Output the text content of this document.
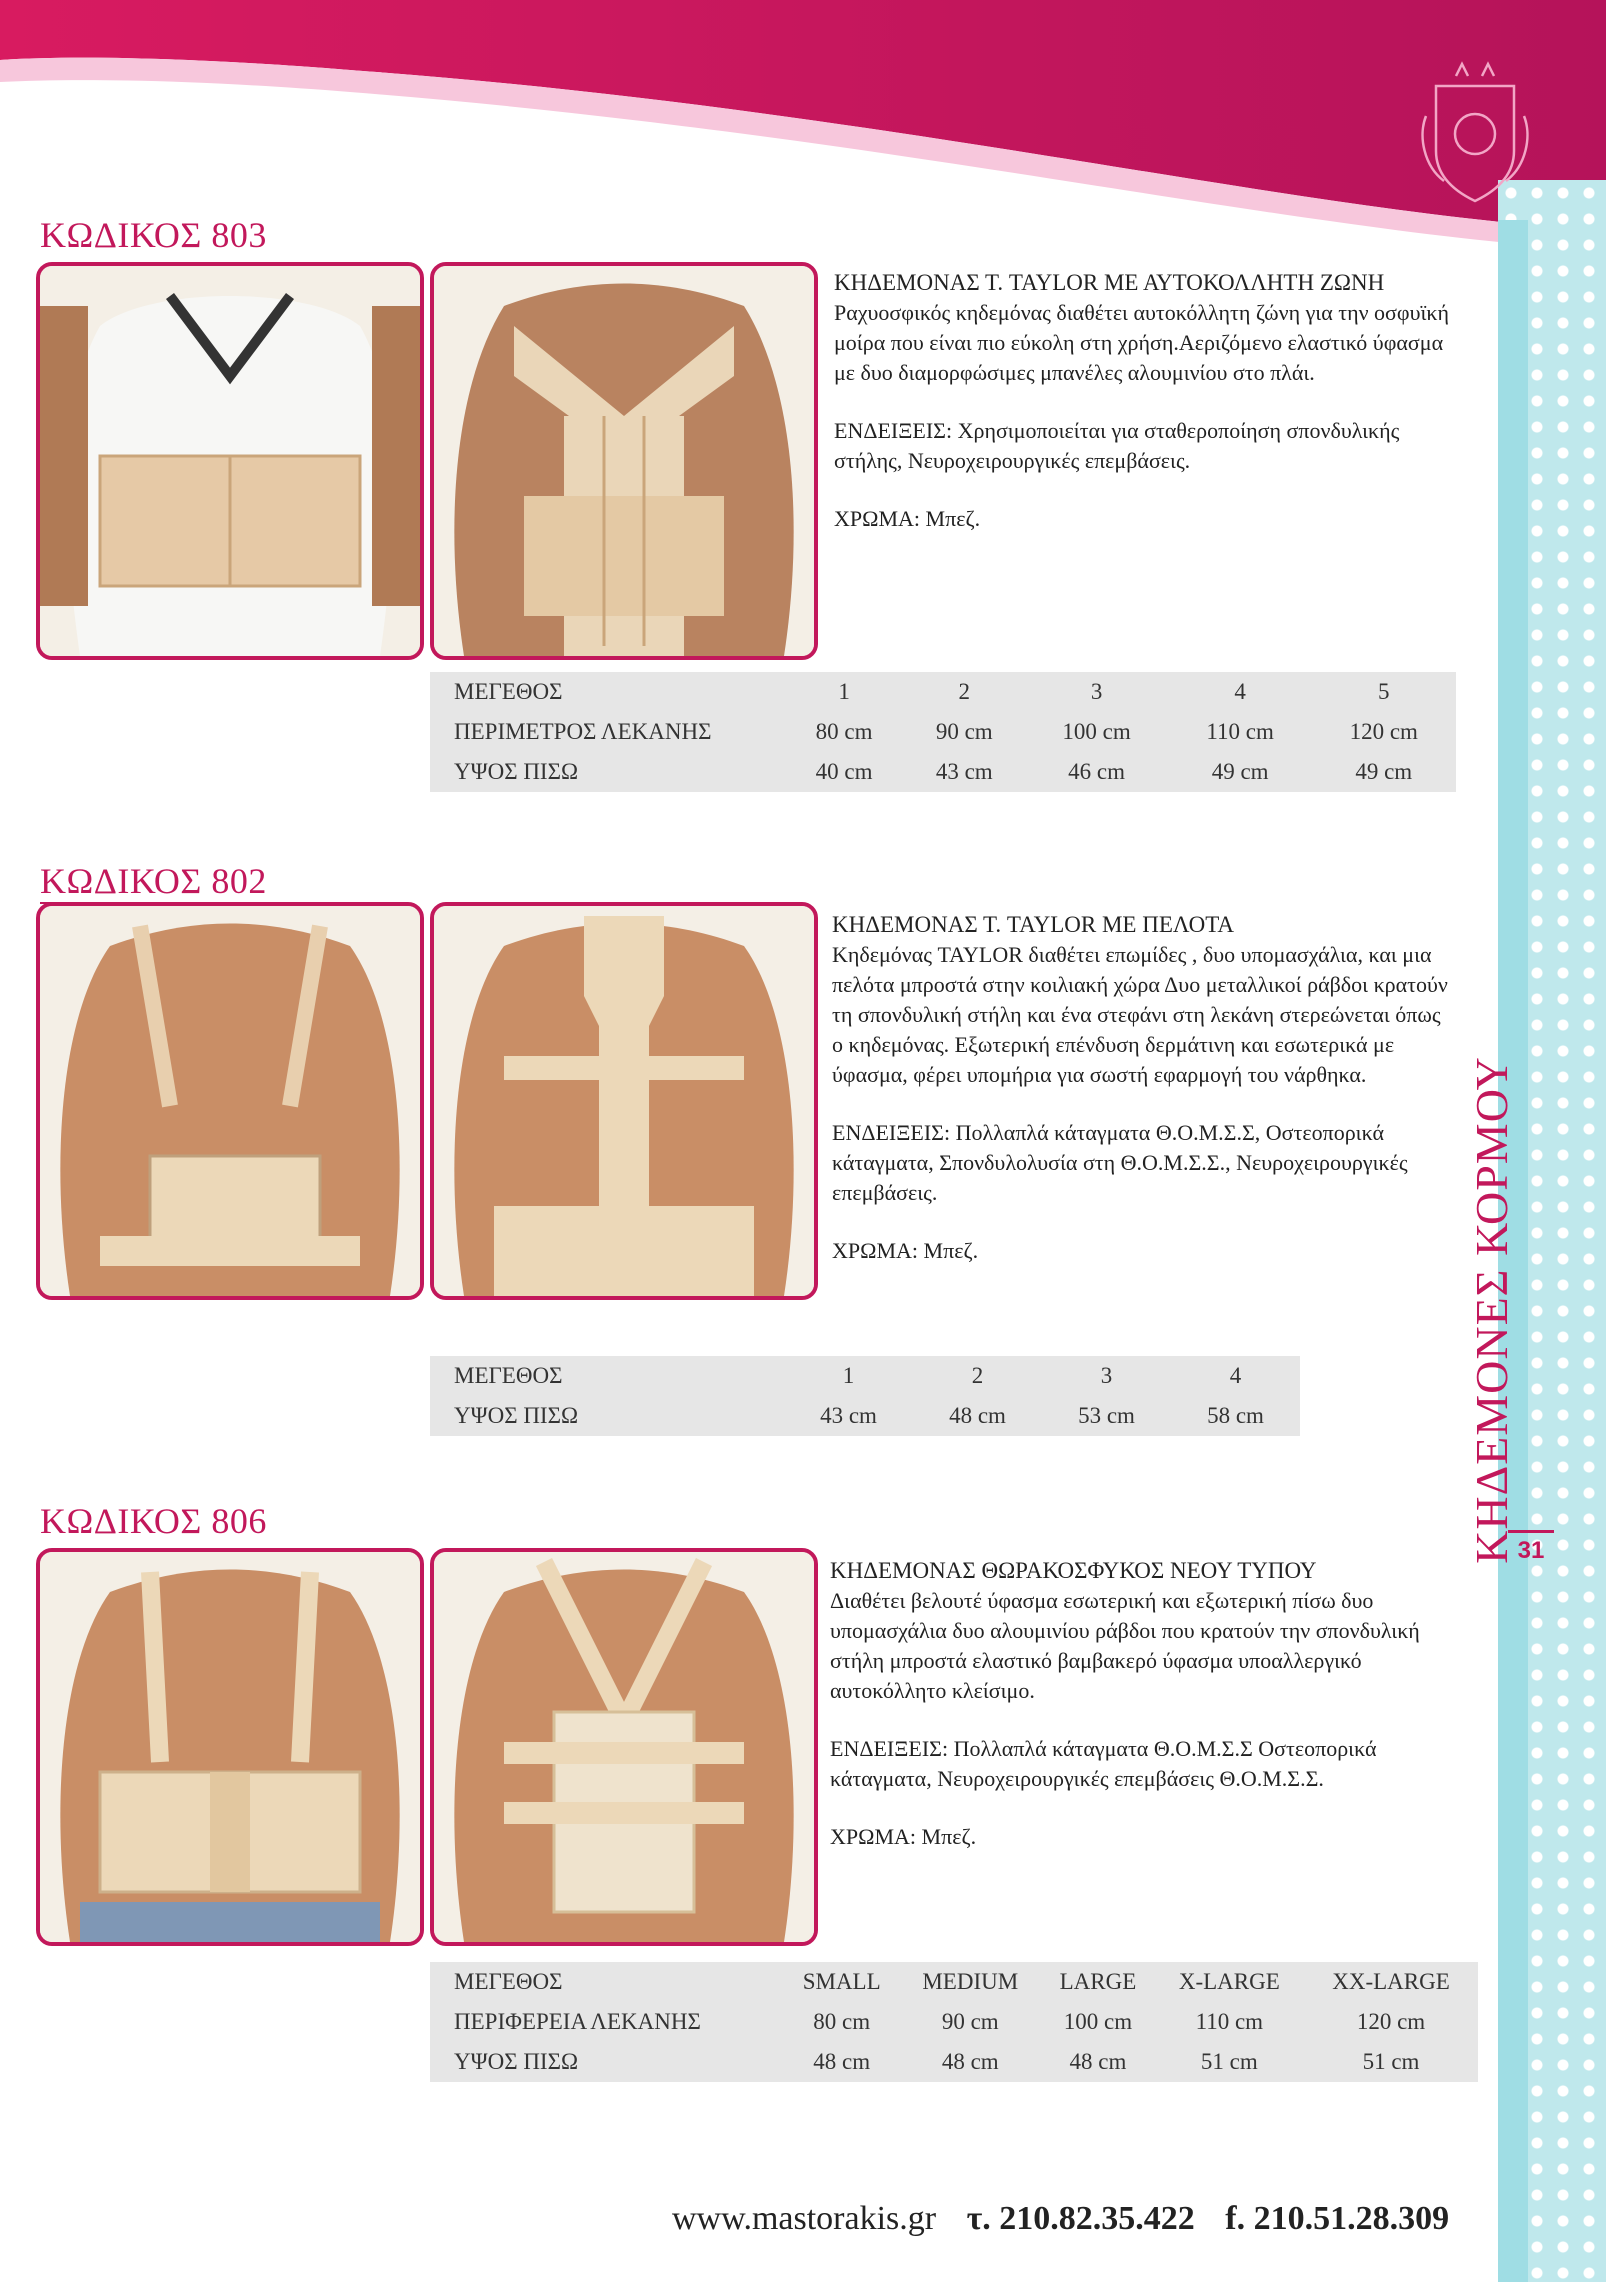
ΚΗΔΕΜΟΝΕΣ ΚΟΡΜΟΥ 31
ΚΩΔΙΚΟΣ 803

ΚΗΔΕΜΟΝΑΣ Τ. TAYLOR ΜΕ ΑΥΤΟΚΟΛΛΗΤΗ ΖΩΝΗ

Ραχυοσφικός κηδεμόνας διαθέτει αυτοκόλλητη ζώνη για την οσφυϊκή μοίρα που είναι πιο εύκολη στη χρήση.Αεριζόμενο ελαστικό ύφασμα με δυο διαμορφώσιμες μπανέλες αλουμινίου στο πλάι.

ΕΝΔΕΙΞΕΙΣ: Χρησιμοποιείται για σταθεροποίηση σπονδυλικής στήλης, Νευροχειρουργικές επεμβάσεις.

ΧΡΩΜΑ: Μπεζ.

ΜΕΓΕΘΟΣ	1	2	3	4	5
ΠΕΡΙΜΕΤΡΟΣ ΛΕΚΑΝΗΣ	80 cm	90 cm	100 cm	110 cm	120 cm
ΥΨΟΣ ΠΙΣΩ	40 cm	43 cm	46 cm	49 cm	49 cm
ΚΩΔΙΚΟΣ 802

ΚΗΔΕΜΟΝΑΣ Τ. TAYLOR ΜΕ ΠΕΛΟΤΑ

Κηδεμόνας TAYLOR διαθέτει επωμίδες , δυο υπομασχάλια, και μια πελότα μπροστά στην κοιλιακή χώρα Δυο μεταλλικοί ράβδοι κρατούν τη σπονδυλική στήλη και ένα στεφάνι στη λεκάνη στερεώνεται όπως ο κηδεμόνας. Εξωτερική επένδυση δερμάτινη και εσωτερικά με ύφασμα, φέρει υπομήρια για σωστή εφαρμογή του νάρθηκα.

ΕΝΔΕΙΞΕΙΣ: Πολλαπλά κάταγματα Θ.Ο.Μ.Σ.Σ, Οστεοπορικά κάταγματα, Σπονδυλολυσία στη Θ.Ο.Μ.Σ.Σ., Νευροχειρουργικές επεμβάσεις.

ΧΡΩΜΑ: Μπεζ.

ΜΕΓΕΘΟΣ	1	2	3	4
ΥΨΟΣ ΠΙΣΩ	43 cm	48 cm	53 cm	58 cm
ΚΩΔΙΚΟΣ 806

ΚΗΔΕΜΟΝΑΣ ΘΩΡΑΚΟΣΦΥΚΟΣ ΝΕΟΥ ΤΥΠΟΥ

Διαθέτει βελουτέ ύφασμα εσωτερική και εξωτερική πίσω δυο υπομασχάλια δυο αλουμινίου ράβδοι που κρατούν την σπονδυλική στήλη μπροστά ελαστικό βαμβακερό ύφασμα υποαλλεργικό αυτοκόλλητο κλείσιμο.

ΕΝΔΕΙΞΕΙΣ: Πολλαπλά κάταγματα Θ.Ο.Μ.Σ.Σ Οστεοπορικά κάταγματα, Νευροχειρουργικές επεμβάσεις Θ.Ο.Μ.Σ.Σ.

ΧΡΩΜΑ: Μπεζ.

ΜΕΓΕΘΟΣ	SMALL	MEDIUM	LARGE	X-LARGE	XX-LARGE
ΠΕΡΙΦΕΡΕΙΑ ΛΕΚΑΝΗΣ	80 cm	90 cm	100 cm	110 cm	120 cm
ΥΨΟΣ ΠΙΣΩ	48 cm	48 cm	48 cm	51 cm	51 cm
www.mastorakis.gr τ. 210.82.35.422 f. 210.51.28.309
